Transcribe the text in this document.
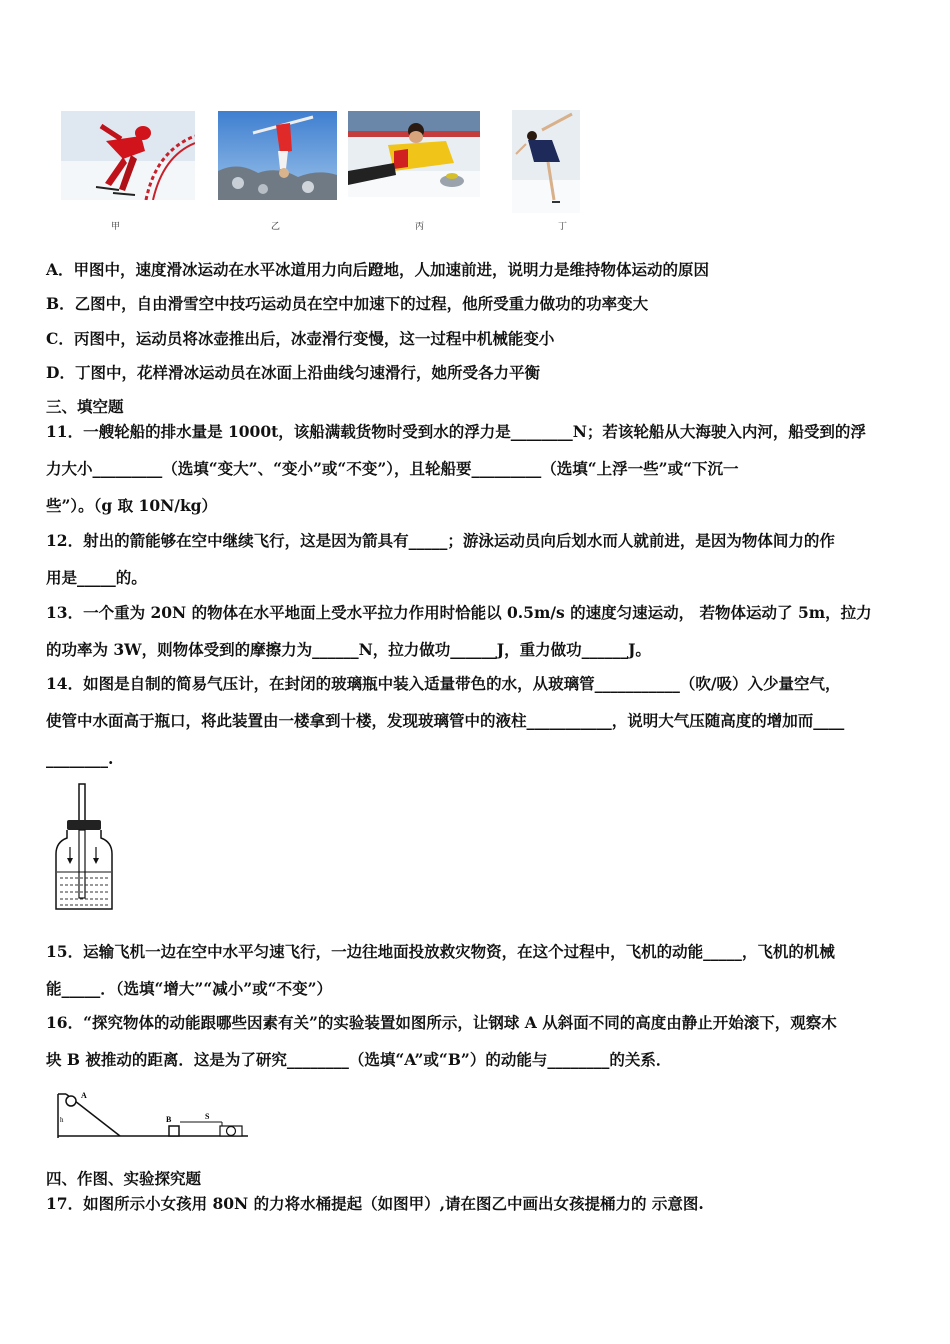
甲	乙	丙	丁
A．甲图中，速度滑冰运动在水平冰道用力向后蹬地，人加速前进，说明力是维持物体运动的原因
B．乙图中，自由滑雪空中技巧运动员在空中加速下的过程，他所受重力做功的功率变大
C．丙图中，运动员将冰壶推出后，冰壶滑行变慢，这一过程中机械能变小
D．丁图中，花样滑冰运动员在冰面上沿曲线匀速滑行，她所受各力平衡
三、填空题
11．一艘轮船的排水量是 1000t，该船满载货物时受到水的浮力是________N；若该轮船从大海驶入内河，船受到的浮
力大小_________（选填“变大”、“变小”或“不变”），且轮船要_________（选填“上浮一些”或“下沉一
些”）。（g 取 10N/kg）
12．射出的箭能够在空中继续飞行，这是因为箭具有_____；游泳运动员向后划水而人就前进，是因为物体间力的作
用是_____的。
13．一个重为 20N 的物体在水平地面上受水平拉力作用时恰能以 0.5m/s 的速度匀速运动， 若物体运动了 5m，拉力
的功率为 3W，则物体受到的摩擦力为______N，拉力做功______J，重力做功______J。
14．如图是自制的简易气压计，在封闭的玻璃瓶中装入适量带色的水，从玻璃管___________（吹/吸）入少量空气，
使管中水面高于瓶口，将此装置由一楼拿到十楼，发现玻璃管中的液柱___________，说明大气压随高度的增加而____
________.
15．运输飞机一边在空中水平匀速飞行，一边往地面投放救灾物资，在这个过程中，飞机的动能_____，飞机的机械
能_____．（选填“增大”“减小”或“不变”）
16．“探究物体的动能跟哪些因素有关”的实验装置如图所示，让钢球 A 从斜面不同的高度由静止开始滚下，观察木
块 B 被推动的距离．这是为了研究________（选填“A”或“B”）的动能与________的关系．
A
h	B	S
四、作图、实验探究题
17．如图所示小女孩用 80N 的力将水桶提起（如图甲）,请在图乙中画出女孩提桶力的 示意图.
